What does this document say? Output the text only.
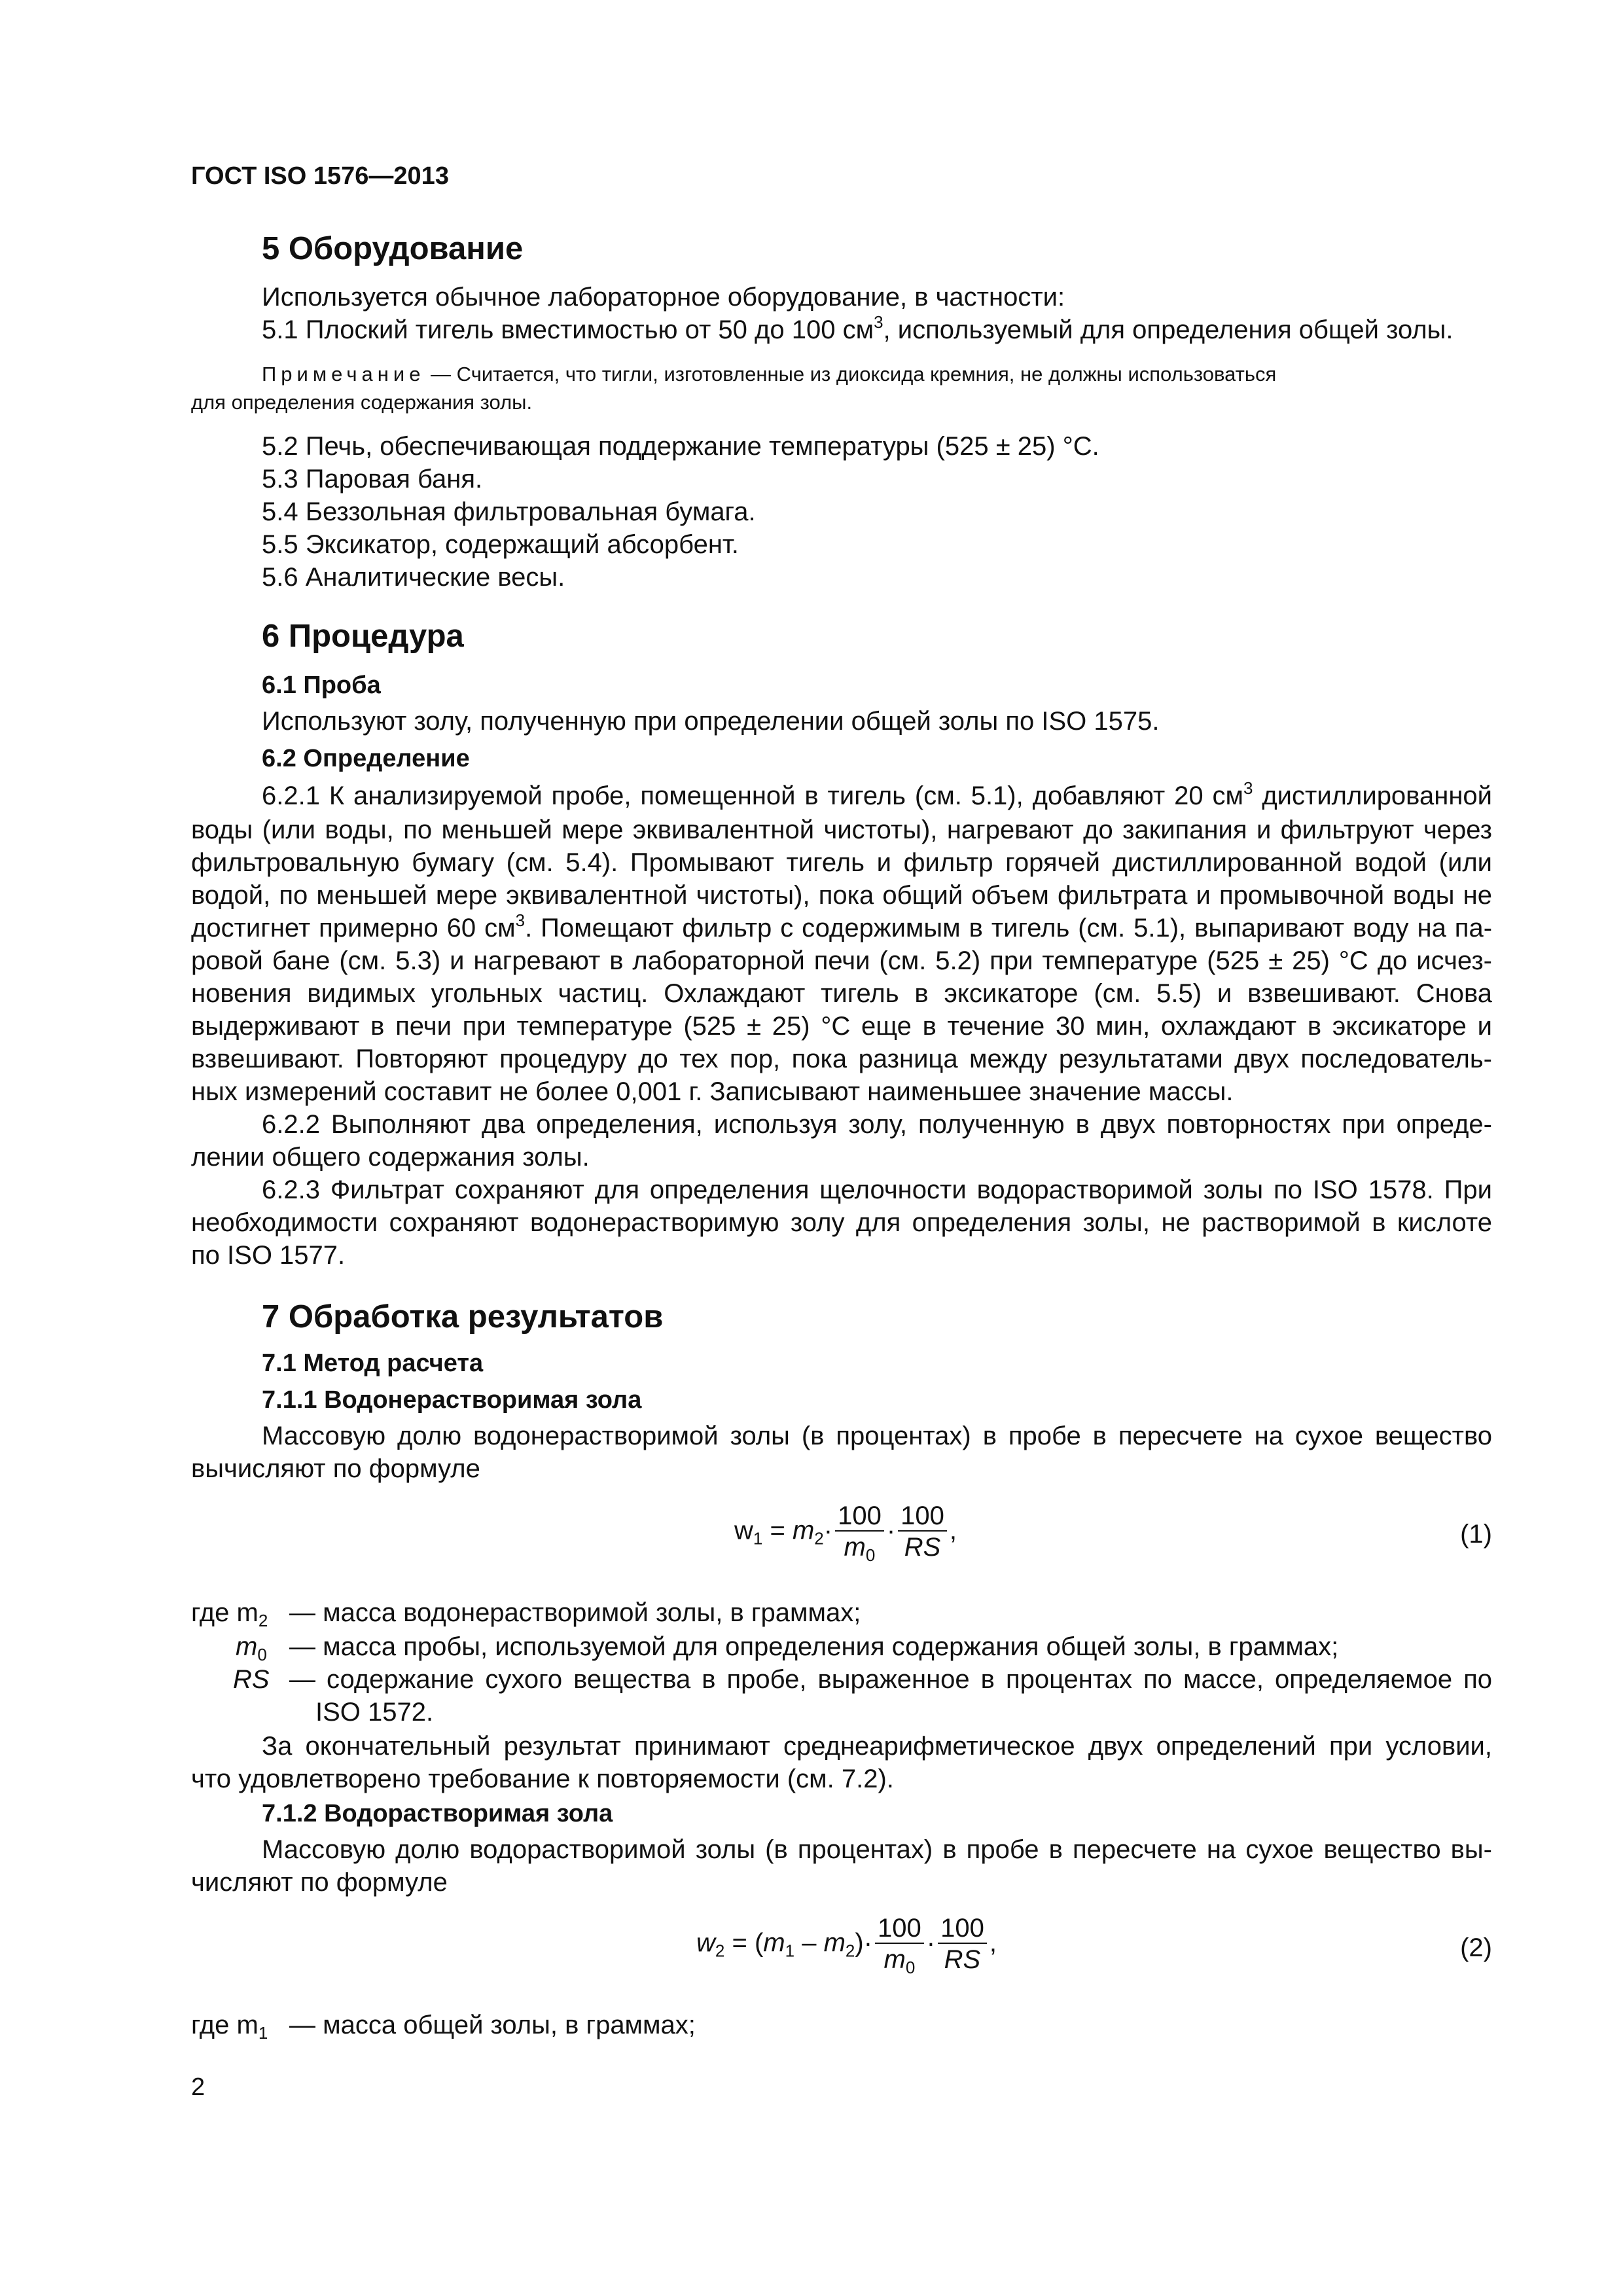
ГОСТ ISO 1576—2013
5 Оборудование
Используется обычное лабораторное оборудование, в частности:
5.1 Плоский тигель вместимостью от 50 до 100 $см^3$, используемый для определения общей золы.
Примечание — Считается, что тигли, изготовленные из диоксида кремния, не должны использоваться
для определения содержания золы.
5.2 Печь, обеспечивающая поддержание температуры (525 ± 25) °С.
5.3 Паровая баня.
5.4 Беззольная фильтровальная бумага.
5.5 Эксикатор, содержащий абсорбент.
5.6 Аналитические весы.
6 Процедура
6.1 Проба
Используют золу, полученную при определении общей золы по ISO 1575.
6.2 Определение
6.2.1 К анализируемой пробе, помещенной в тигель (см. 5.1), добавляют 20 $см^3$ дистиллированной
воды (или воды, по меньшей мере эквивалентной чистоты), нагревают до закипания и фильтруют через
фильтровальную бумагу (см. 5.4). Промывают тигель и фильтр горячей дистиллированной водой (или
водой, по меньшей мере эквивалентной чистоты), пока общий объем фильтрата и промывочной воды не
достигнет примерно 60 $см^3$. Помещают фильтр с содержимым в тигель (см. 5.1), выпаривают воду на па-
ровой бане (см. 5.3) и нагревают в лабораторной печи (см. 5.2) при температуре (525 ± 25) °С до исчез-
новения видимых угольных частиц. Охлаждают тигель в эксикаторе (см. 5.5) и взвешивают. Снова
выдерживают в печи при температуре (525 ± 25) °С еще в течение 30 мин, охлаждают в эксикаторе и
взвешивают. Повторяют процедуру до тех пор, пока разница между результатами двух последователь-
ных измерений составит не более 0,001 г. Записывают наименьшее значение массы.
6.2.2 Выполняют два определения, используя золу, полученную в двух повторностях при опреде-
лении общего содержания золы.
6.2.3 Фильтрат сохраняют для определения щелочности водорастворимой золы по ISO 1578. При
необходимости сохраняют водонерастворимую золу для определения золы, не растворимой в кислоте
по ISO 1577.
7 Обработка результатов
7.1 Метод расчета
7.1.1 Водонерастворимая зола
Массовую долю водонерастворимой золы (в процентах) в пробе в пересчете на сухое вещество
вычисляют по формуле
$w_1 = m_2\cdot \frac{100}{m_0} \cdot \frac{100}{RS}$ ,	(1)
где $m_2$ — масса водонерастворимой золы, в граммах;
$m_0$ — масса пробы, используемой для определения содержания общей золы, в граммах;
RS — содержание сухого вещества в пробе, выраженное в процентах по массе, определяемое по
ISO 1572.
За окончательный результат принимают среднеарифметическое двух определений при условии,
что удовлетворено требование к повторяемости (см. 7.2).
7.1.2 Водорастворимая зола
Массовую долю водорастворимой золы (в процентах) в пробе в пересчете на сухое вещество вы-
числяют по формуле
$w_2 = (m_1 - m_2)\cdot \frac{100}{m_0} \cdot \frac{100}{RS}$ ,	(2)
где $m_1$ — масса общей золы, в граммах;
2
